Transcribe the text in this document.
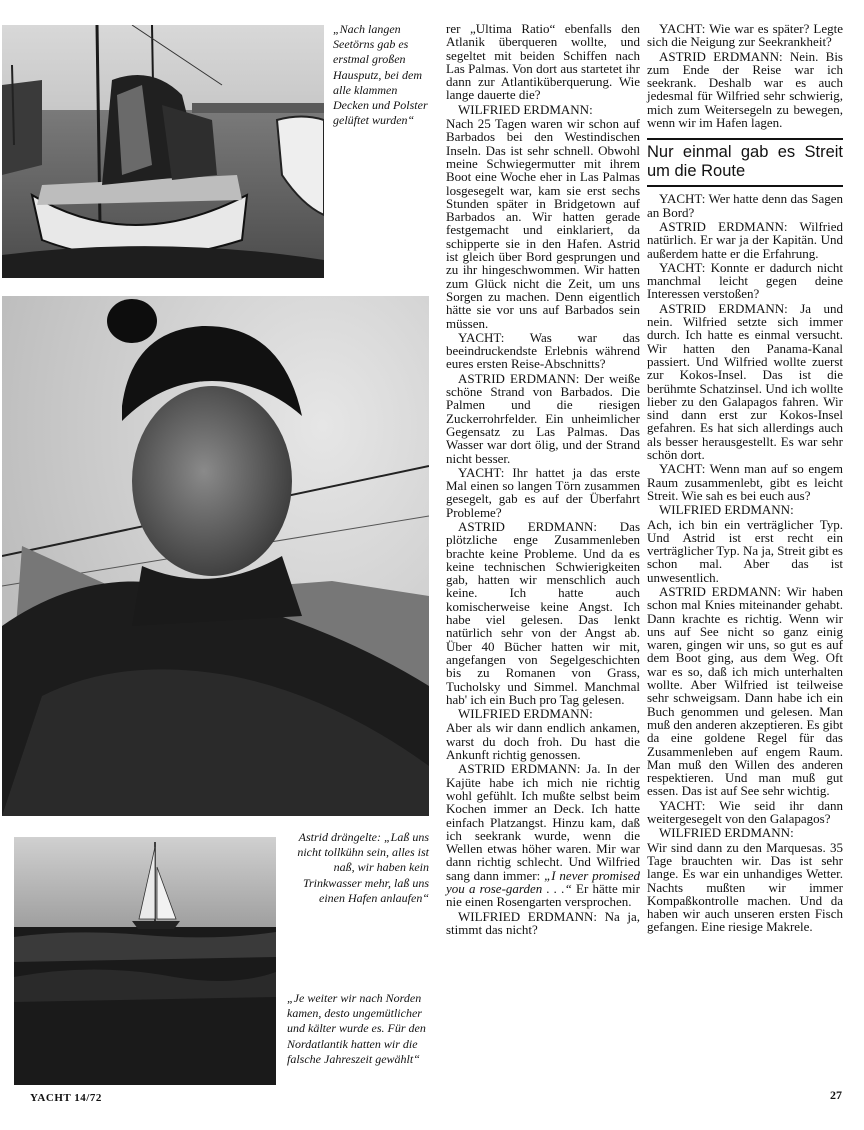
„Nach langen Seetörns gab es erstmal großen Hausputz, bei dem alle klammen Decken und Polster gelüftet wurden“

Astrid drängelte: „Laß uns nicht tollkühn sein, alles ist naß, wir haben kein Trinkwasser mehr, laß uns einen Hafen anlaufen“

„Je weiter wir nach Norden kamen, desto ungemütlicher und kälter wurde es. Für den Nordatlantik hatten wir die falsche Jahreszeit gewählt“

rer „Ultima Ratio“ ebenfalls den Atlanik überqueren wollte, und segeltet mit beiden Schiffen nach Las Palmas. Von dort aus startetet ihr dann zur Atlantiküberquerung. Wie lange dauerte die?

WILFRIED ERDMANN:

Nach 25 Tagen waren wir schon auf Barbados bei den Westindischen Inseln. Das ist sehr schnell. Obwohl meine Schwiegermutter mit ihrem Boot eine Woche eher in Las Palmas losgesegelt war, kam sie erst sechs Stunden später in Bridgetown auf Barbados an. Wir hatten gerade festgemacht und einklariert, da schipperte sie in den Hafen. Astrid ist gleich über Bord gesprungen und zu ihr hingeschwommen. Wir hatten zum Glück nicht die Zeit, um uns Sorgen zu machen. Denn eigentlich hätte sie vor uns auf Barbados sein müssen.

YACHT: Was war das beeindruckendste Erlebnis während eures ersten Reise-Abschnitts?

ASTRID ERDMANN: Der weiße schöne Strand von Barbados. Die Palmen und die riesigen Zuckerrohrfelder. Ein unheimlicher Gegensatz zu Las Palmas. Das Wasser war dort ölig, und der Strand nicht besser.

YACHT: Ihr hattet ja das erste Mal einen so langen Törn zusammen gesegelt, gab es auf der Überfahrt Probleme?

ASTRID ERDMANN: Das plötzliche enge Zusammenleben brachte keine Probleme. Und da es keine technischen Schwierigkeiten gab, hatten wir menschlich auch keine. Ich hatte auch komischerweise keine Angst. Ich habe viel gelesen. Das lenkt natürlich sehr von der Angst ab. Über 40 Bücher hatten wir mit, angefangen von Segelgeschichten bis zu Romanen von Grass, Tucholsky und Simmel. Manchmal hab' ich ein Buch pro Tag gelesen.

WILFRIED ERDMANN:

Aber als wir dann endlich ankamen, warst du doch froh. Du hast die Ankunft richtig genossen.

ASTRID ERDMANN: Ja. In der Kajüte habe ich mich nie richtig wohl gefühlt. Ich mußte selbst beim Kochen immer an Deck. Ich hatte einfach Platzangst. Hinzu kam, daß ich seekrank wurde, wenn die Wellen etwas höher waren. Mir war dann richtig schlecht. Und Wilfried sang dann immer: „I never promised you a rose-garden . . .“ Er hätte mir nie einen Rosengarten versprochen.

WILFRIED ERDMANN: Na ja, stimmt das nicht?

YACHT: Wie war es später? Legte sich die Neigung zur Seekrankheit?

ASTRID ERDMANN: Nein. Bis zum Ende der Reise war ich seekrank. Deshalb war es auch jedesmal für Wilfried sehr schwierig, mich zum Weitersegeln zu bewegen, wenn wir im Hafen lagen.

Nur einmal gab es Streit um die Route

YACHT: Wer hatte denn das Sagen an Bord?

ASTRID ERDMANN: Wilfried natürlich. Er war ja der Kapitän. Und außerdem hatte er die Erfahrung.

YACHT: Konnte er dadurch nicht manchmal leicht gegen deine Interessen verstoßen?

ASTRID ERDMANN: Ja und nein. Wilfried setzte sich immer durch. Ich hatte es einmal versucht. Wir hatten den Panama-Kanal passiert. Und Wilfried wollte zuerst zur Kokos-Insel. Das ist die berühmte Schatzinsel. Und ich wollte lieber zu den Galapagos fahren. Wir sind dann erst zur Kokos-Insel gefahren. Es hat sich allerdings auch als besser herausgestellt. Es war sehr schön dort.

YACHT: Wenn man auf so engem Raum zusammenlebt, gibt es leicht Streit. Wie sah es bei euch aus?

WILFRIED ERDMANN:

Ach, ich bin ein verträglicher Typ. Und Astrid ist erst recht ein verträglicher Typ. Na ja, Streit gibt es schon mal. Aber das ist unwesentlich.

ASTRID ERDMANN: Wir haben schon mal Knies miteinander gehabt. Dann krachte es richtig. Wenn wir uns auf See nicht so ganz einig waren, gingen wir uns, so gut es auf dem Boot ging, aus dem Weg. Oft war es so, daß ich mich unterhalten wollte. Aber Wilfried ist teilweise sehr schweigsam. Dann habe ich ein Buch genommen und gelesen. Man muß den anderen akzeptieren. Es gibt da eine goldene Regel für das Zusammenleben auf engem Raum. Man muß den Willen des anderen respektieren. Und man muß gut essen. Das ist auf See sehr wichtig.

YACHT: Wie seid ihr dann weitergesegelt von den Galapagos?

WILFRIED ERDMANN:

Wir sind dann zu den Marquesas. 35 Tage brauchten wir. Das ist sehr lange. Es war ein unhandiges Wetter. Nachts mußten wir immer Kompaßkontrolle machen. Und da haben wir auch unseren ersten Fisch gefangen. Eine riesige Makrele.

YACHT 14/72	27
